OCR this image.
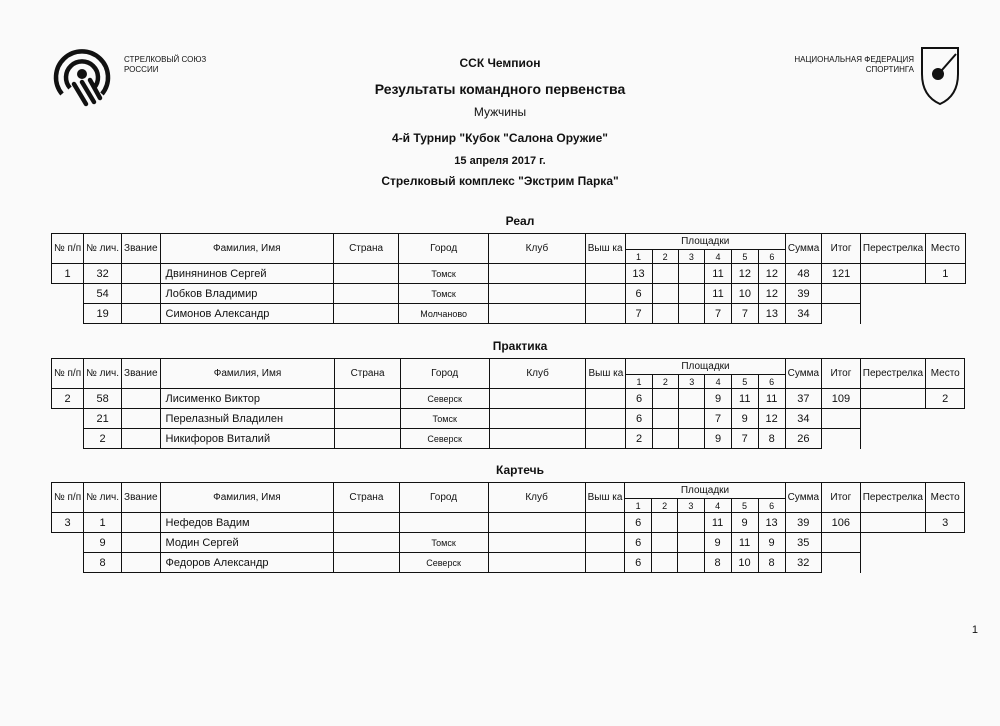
СТРЕЛКОВЫЙ СОЮЗ
РОССИИ
НАЦИОНАЛЬНАЯ ФЕДЕРАЦИЯ
СПОРТИНГА
ССК Чемпион
Результаты командного первенства
Мужчины
4-й Турнир "Кубок "Салона Оружие"
15 апреля 2017 г.
Стрелковый комплекс "Экстрим Парка"
Реал
№ п/п	№ лич.	Звание	Фамилия, Имя	Страна	Город	Клуб	Выш ка	Площадки						Сумма	Итог	Перестрелка	Место
								1	2	3	4	5	6				
1	32		Двинянинов Сергей		Томск			13			11	12	12	48	121		1
	54		Лобков Владимир		Томск			6			11	10	12	39			
	19		Симонов Александр		Молчаново			7			7	7	13	34			
Практика
№ п/п	№ лич.	Звание	Фамилия, Имя	Страна	Город	Клуб	Выш ка	Площадки						Сумма	Итог	Перестрелка	Место
								1	2	3	4	5	6				
2	58		Лисименко Виктор		Северск			6			9	11	11	37	109		2
	21		Перелазный Владилен		Томск			6			7	9	12	34			
	2		Никифоров Виталий		Северск			2			9	7	8	26			
Картечь
№ п/п	№ лич.	Звание	Фамилия, Имя	Страна	Город	Клуб	Выш ка	Площадки						Сумма	Итог	Перестрелка	Место
								1	2	3	4	5	6				
3	1		Нефедов Вадим					6			11	9	13	39	106		3
	9		Модин Сергей		Томск			6			9	11	9	35			
	8		Федоров Александр		Северск			6			8	10	8	32			
1
